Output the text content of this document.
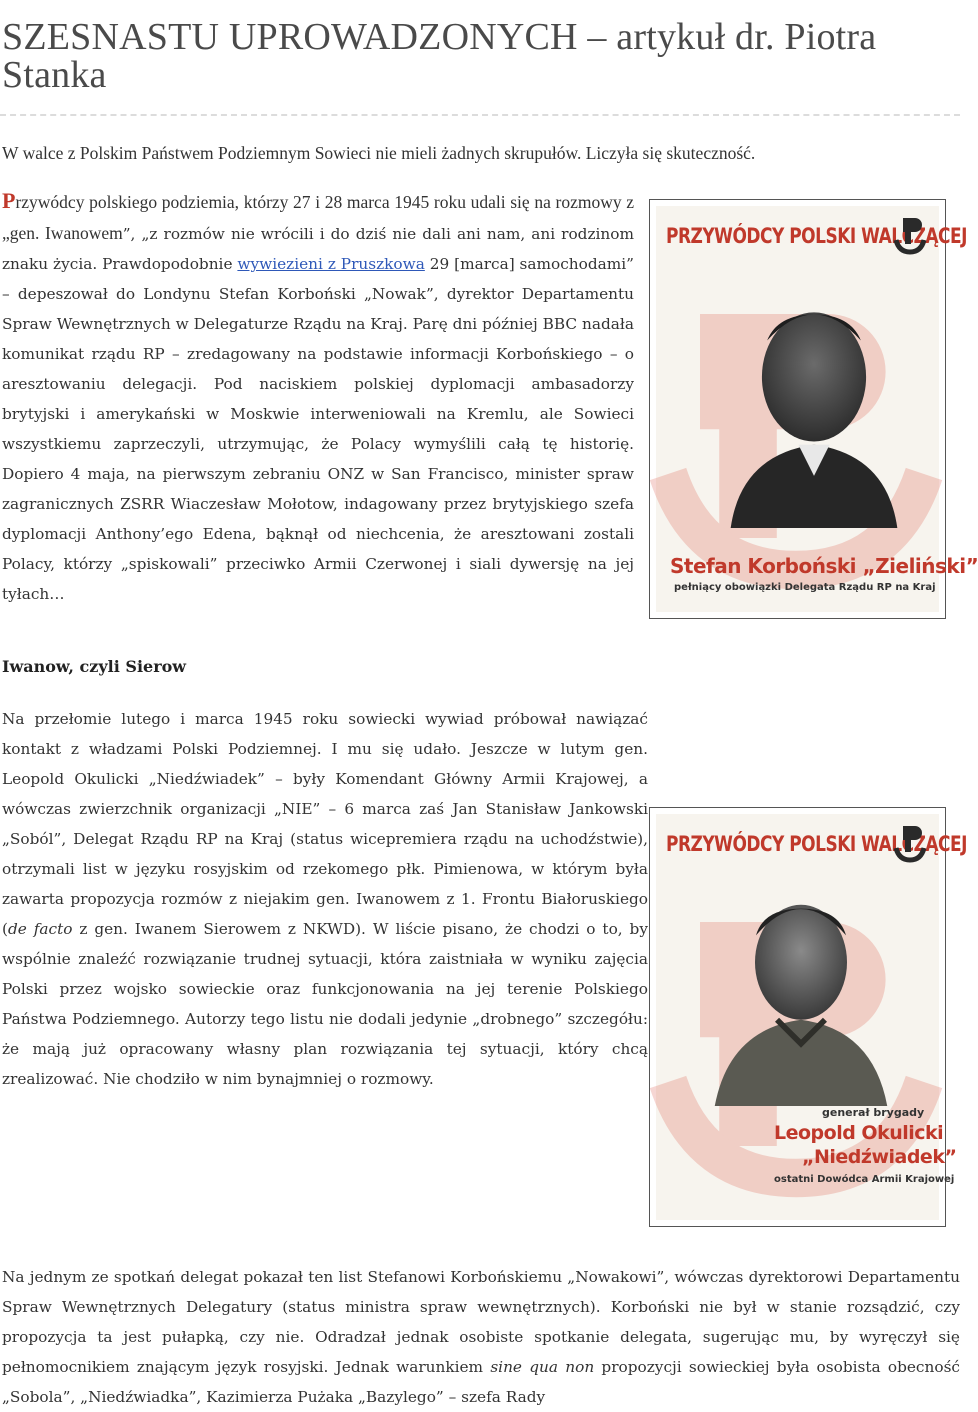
SZESNASTU UPROWADZONYCH – artykuł dr. Piotra Stanka

W walce z Polskim Państwem Podziemnym Sowieci nie mieli żadnych skrupułów. Liczyła się skuteczność.

Przywódcy polskiego podziemia, którzy 27 i 28 marca 1945 roku udali się na rozmowy z „gen. Iwanowem”, „z rozmów nie wrócili i do dziś nie dali ani nam, ani rodzinom znaku życia. Prawdopodobnie wywiezieni z Pruszkowa 29 [marca] samochodami” – depeszował do Londynu Stefan Korboński „Nowak”, dyrektor Departamentu Spraw Wewnętrznych w Delegaturze Rządu na Kraj. Parę dni później BBC nadała komunikat rządu RP – zredagowany na podstawie informacji Korbońskiego – o aresztowaniu delegacji. Pod naciskiem polskiej dyplomacji ambasadorzy brytyjski i amerykański w Moskwie interweniowali na Kremlu, ale Sowieci wszystkiemu zaprzeczyli, utrzymując, że Polacy wymyślili całą tę historię. Dopiero 4 maja, na pierwszym zebraniu ONZ w San Francisco, minister spraw zagranicznych ZSRR Wiaczesław Mołotow, indagowany przez brytyjskiego szefa dyplomacji Anthony’ego Edena, bąknął od niechcenia, że aresztowani zostali Polacy, którzy „spiskowali” przeciwko Armii Czerwonej i siali dywersję na jej tyłach…

PRZYWÓDCY POLSKI WALCZĄCEJ
Stefan Korboński „Zieliński”
pełniący obowiązki Delegata Rządu RP na Kraj
Iwanow, czyli Sierow

Na przełomie lutego i marca 1945 roku sowiecki wywiad próbował nawiązać kontakt z władzami Polski Podziemnej. I mu się udało. Jeszcze w lutym gen. Leopold Okulicki „Niedźwiadek” – były Komendant Główny Armii Krajowej, a wówczas zwierzchnik organizacji „NIE” – 6 marca zaś Jan Stanisław Jankowski „Soból”, Delegat Rządu RP na Kraj (status wicepremiera rządu na uchodźstwie), otrzymali list w języku rosyjskim od rzekomego płk. Pimienowa, w którym była zawarta propozycja rozmów z niejakim gen. Iwanowem z 1. Frontu Białoruskiego (de facto z gen. Iwanem Sierowem z NKWD). W liście pisano, że chodzi o to, by wspólnie znaleźć rozwiązanie trudnej sytuacji, która zaistniała w wyniku zajęcia Polski przez wojsko sowieckie oraz funkcjonowania na jej terenie Polskiego Państwa Podziemnego. Autorzy tego listu nie dodali jedynie „drobnego” szczegółu: że mają już opracowany własny plan rozwiązania tej sytuacji, który chcą zrealizować. Nie chodziło w nim bynajmniej o rozmowy.

PRZYWÓDCY POLSKI WALCZĄCEJ
generał brygady
Leopold Okulicki
„Niedźwiadek”
ostatni Dowódca Armii Krajowej

Na jednym ze spotkań delegat pokazał ten list Stefanowi Korbońskiemu „Nowakowi”, wówczas dyrektorowi Departamentu Spraw Wewnętrznych Delegatury (status ministra spraw wewnętrznych). Korboński nie był w stanie rozsądzić, czy propozycja ta jest pułapką, czy nie. Odradzał jednak osobiste spotkanie delegata, sugerując mu, by wyręczył się pełnomocnikiem znającym język rosyjski. Jednak warunkiem sine qua non propozycji sowieckiej była osobista obecność „Sobola”, „Niedźwiadka”, Kazimierza Pużaka „Bazylego” – szefa Rady
